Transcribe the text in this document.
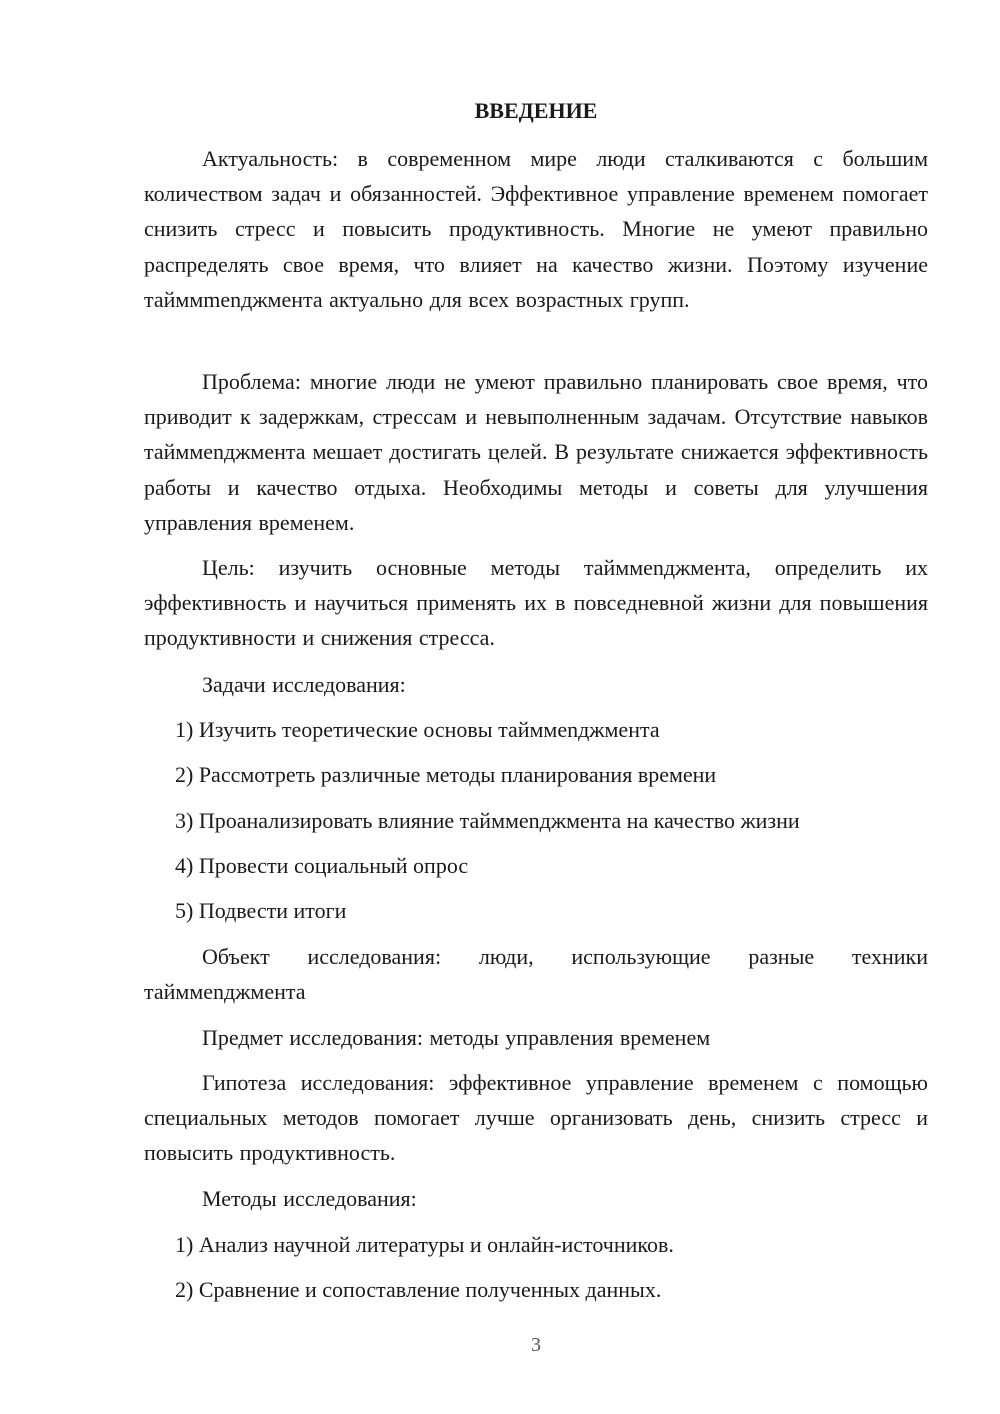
ВВЕДЕНИЕ

Актуальность: в современном мире люди сталкиваются с большим количеством задач и обязанностей. Эффективное управление временем помогает снизить стресс и повысить продуктивность. Многие не умеют правильно распределять свое время, что влияет на качество жизни. Поэтому изучение тайммmenджмента актуально для всех возрастных групп.

Проблема: многие люди не умеют правильно планировать свое время, что приводит к задержкам, стрессам и невыполненным задачам. Отсутствие навыков тайммenджмента мешает достигать целей. В результате снижается эффективность работы и качество отдыха. Необходимы методы и советы для улучшения управления временем.

Цель: изучить основные методы тайммenджмента, определить их эффективность и научиться применять их в повседневной жизни для повышения продуктивности и снижения стресса.

Задачи исследования:

1) Изучить теоретические основы тайммenджмента
2) Рассмотреть различные методы планирования времени
3) Проанализировать влияние тайммenджмента на качество жизни
4) Провести социальный опрос
5) Подвести итоги

Объект исследования: люди, использующие разные техники тайммenджмента

Предмет исследования: методы управления временем

Гипотеза исследования: эффективное управление временем с помощью специальных методов помогает лучше организовать день, снизить стресс и повысить продуктивность.

Методы исследования:

1) Анализ научной литературы и онлайн-источников.
2) Сравнение и сопоставление полученных данных.
3
